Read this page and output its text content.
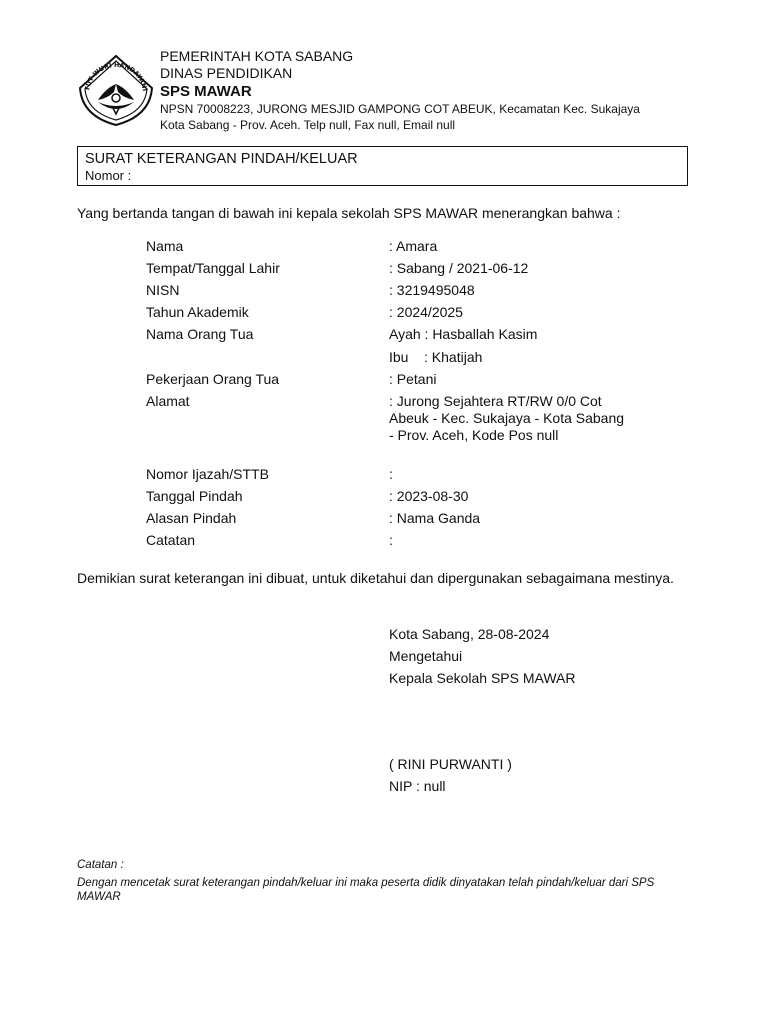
TUT WURI HANDAYANI
PEMERINTAH KOTA SABANG
DINAS PENDIDIKAN
SPS MAWAR
NPSN 70008223, JURONG MESJID GAMPONG COT ABEUK, Kecamatan Kec. Sukajaya
Kota Sabang - Prov. Aceh. Telp null, Fax null, Email null
SURAT KETERANGAN PINDAH/KELUAR
Nomor :
Yang bertanda tangan di bawah ini kepala sekolah SPS MAWAR menerangkan bahwa :
Nama	: Amara
Tempat/Tanggal Lahir	: Sabang / 2021-06-12
NISN	: 3219495048
Tahun Akademik	: 2024/2025
Nama Orang Tua	Ayah : Hasballah Kasim
Ibu    : Khatijah
Pekerjaan Orang Tua	: Petani
Alamat	: Jurong Sejahtera RT/RW 0/0 Cot Abeuk - Kec. Sukajaya - Kota Sabang - Prov. Aceh, Kode Pos null
Nomor Ijazah/STTB	:
Tanggal Pindah	: 2023-08-30
Alasan Pindah	: Nama Ganda
Catatan	:
Demikian surat keterangan ini dibuat, untuk diketahui dan dipergunakan sebagaimana mestinya.
Kota Sabang, 28-08-2024
Mengetahui
Kepala Sekolah SPS MAWAR
( RINI PURWANTI )
NIP : null
Catatan :
Dengan mencetak surat keterangan pindah/keluar ini maka peserta didik dinyatakan telah pindah/keluar dari SPS MAWAR
